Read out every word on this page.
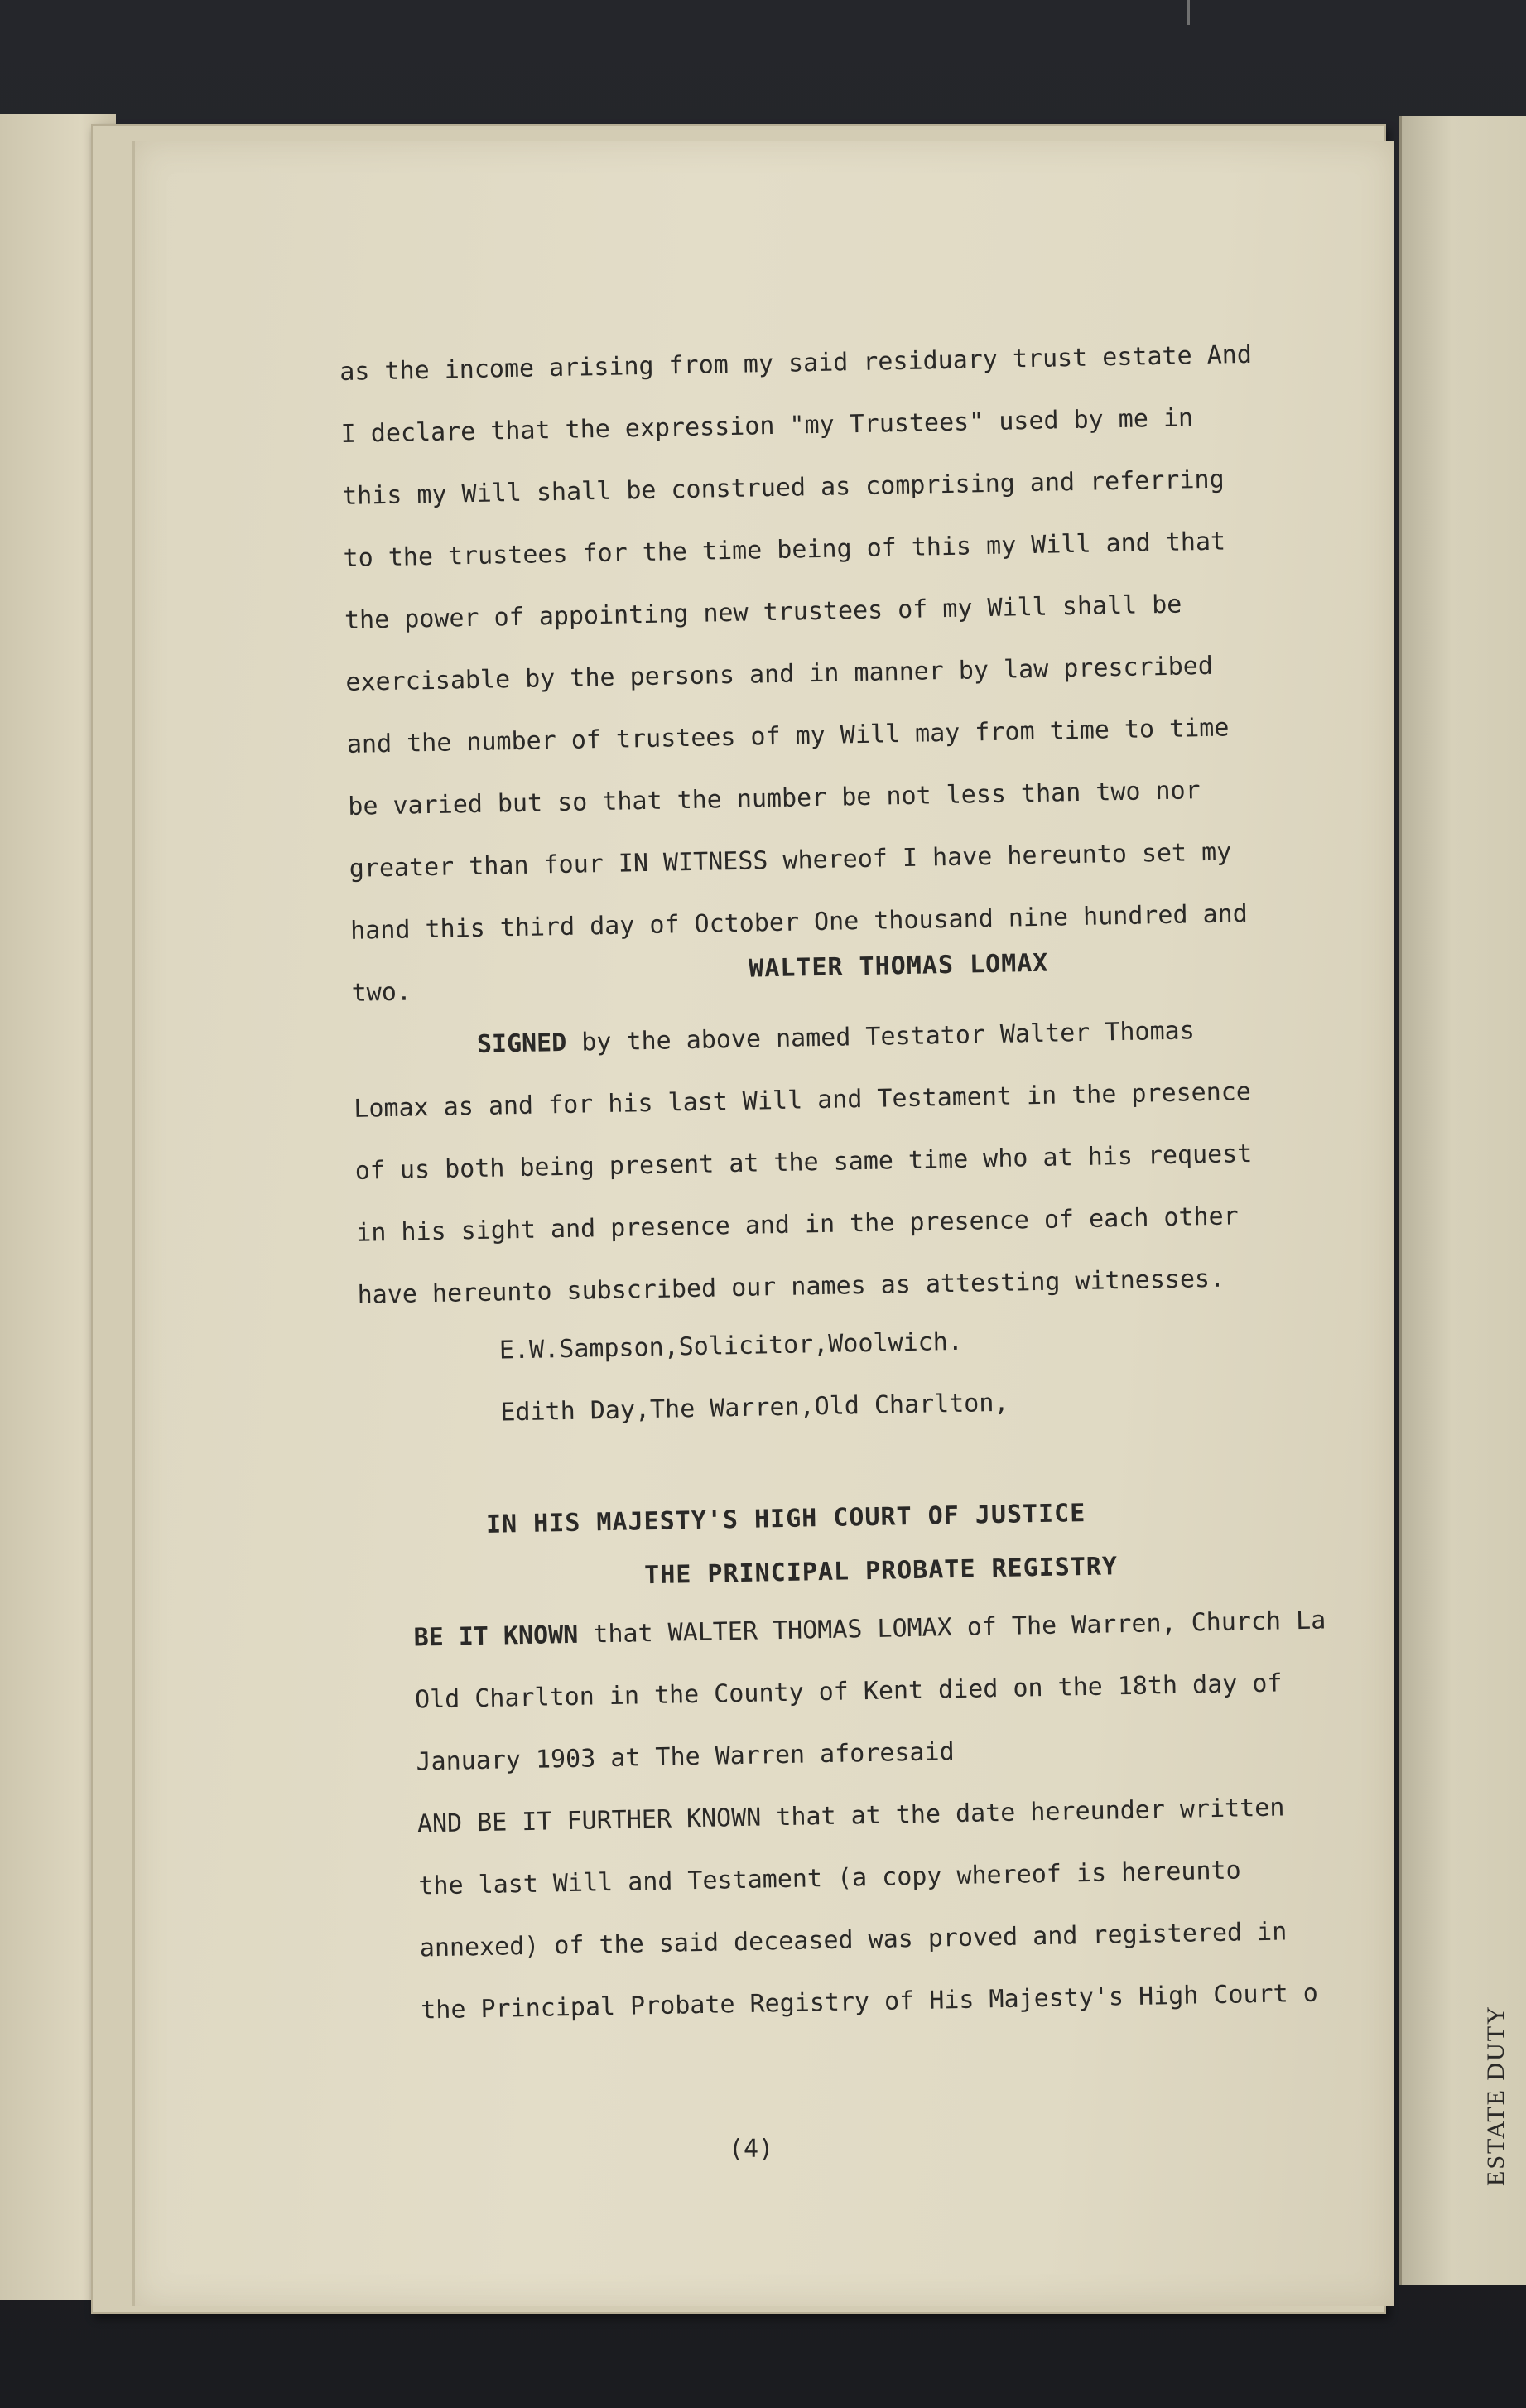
as the income arising from my said residuary trust estate And
I declare that the expression "my Trustees" used by me in
this my Will shall be construed as comprising and referring
to the trustees for the time being of this my Will and that
the power of appointing new trustees of my Will shall be
exercisable by the persons and in manner by law prescribed
and the number of trustees of my Will may from time to time
be varied but so that the number be not less than two nor
greater than four IN WITNESS whereof I have hereunto set my
hand this third day of October One thousand nine hundred and
two.
WALTER THOMAS LOMAX
SIGNED by the above named Testator Walter Thomas
Lomax as and for his last Will and Testament in the presence
of us both being present at the same time who at his request
in his sight and presence and in the presence of each other
have hereunto subscribed our names as attesting witnesses.
E.W.Sampson,Solicitor,Woolwich.
Edith Day,The Warren,Old Charlton,
IN HIS MAJESTY'S HIGH COURT OF JUSTICE
THE PRINCIPAL PROBATE REGISTRY
BE IT KNOWN that WALTER THOMAS LOMAX of The Warren, Church La
Old Charlton in the County of Kent died on the 18th day of
January 1903 at The Warren aforesaid
AND BE IT FURTHER KNOWN that at the date hereunder written
the last Will and Testament (a copy whereof is hereunto
annexed) of the said deceased was proved and registered in
the Principal Probate Registry of His Majesty's High Court o
(4)
